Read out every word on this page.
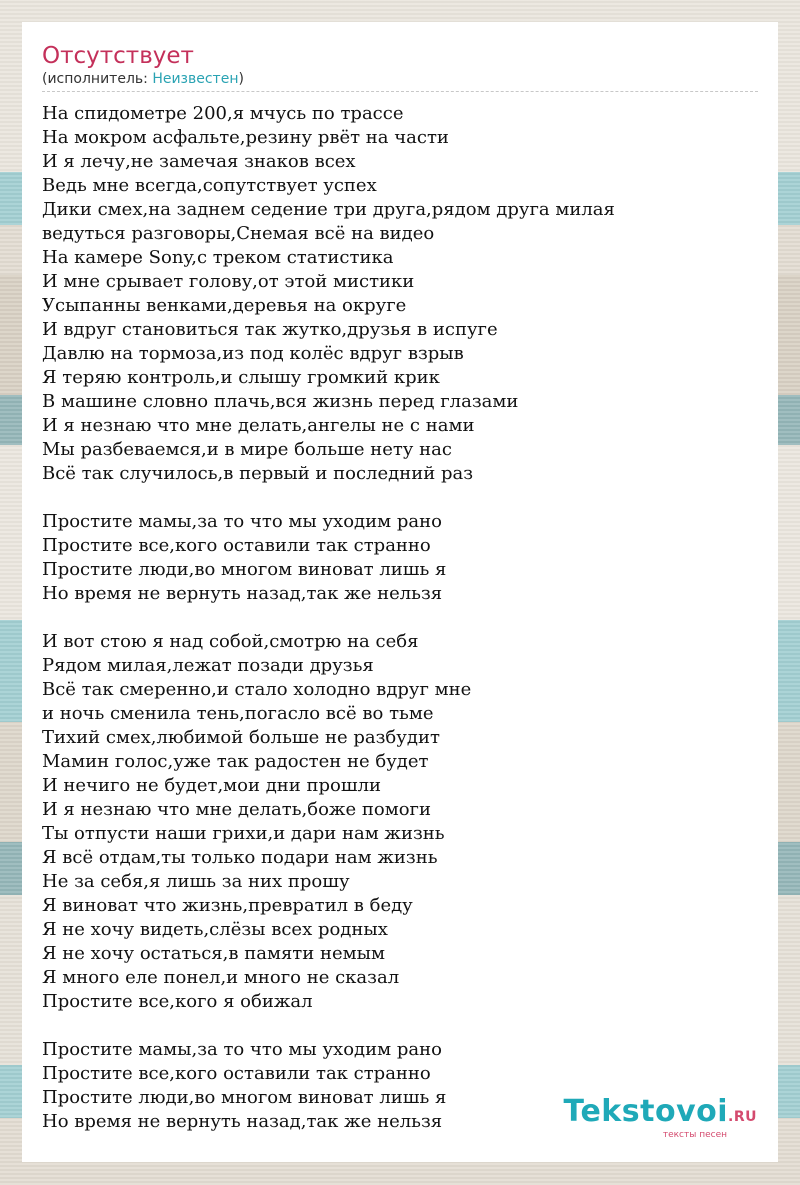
Отсутствует
(исполнитель: Неизвестен)
На спидометре 200,я мчусь по трассе
На мокром асфальте,резину рвёт на части
И я лечу,не замечая знаков всех
Ведь мне всегда,сопутствует успех
Дики смех,на заднем седение три друга,рядом друга милая
ведуться разговоры,Снемая всё на видео
На камере Sony,с треком статистика
И мне срывает голову,от этой мистики
Усыпанны венками,деревья на округе
И вдруг становиться так жутко,друзья в испуге
Давлю на тормоза,из под колёс вдруг взрыв
Я теряю контроль,и слышу громкий крик
В машине словно плачь,вся жизнь перед глазами
И я незнаю что мне делать,ангелы не с нами
Мы разбеваемся,и в мире больше нету нас
Всё так случилось,в первый и последний раз
Простите мамы,за то что мы уходим рано
Простите все,кого оставили так странно
Простите люди,во многом виноват лишь я
Но время не вернуть назад,так же нельзя
И вот стою я над собой,смотрю на себя
Рядом милая,лежат позади друзья
Всё так смеренно,и стало холодно вдруг мне
и ночь сменила тень,погасло всё во тьме
Тихий смех,любимой больше не разбудит
Мамин голос,уже так радостен не будет
И нечиго не будет,мои дни прошли
И я незнаю что мне делать,боже помоги
Ты отпусти наши грихи,и дари нам жизнь
Я всё отдам,ты только подари нам жизнь
Не за себя,я лишь за них прошу
Я виноват что жизнь,превратил в беду
Я не хочу видеть,слёзы всех родных
Я не хочу остаться,в памяти немым
Я много еле понел,и много не сказал
Простите все,кого я обижал
Простите мамы,за то что мы уходим рано
Простите все,кого оставили так странно
Простите люди,во многом виноват лишь я
Но время не вернуть назад,так же нельзя	Tekstovoi.RU
тексты песен
